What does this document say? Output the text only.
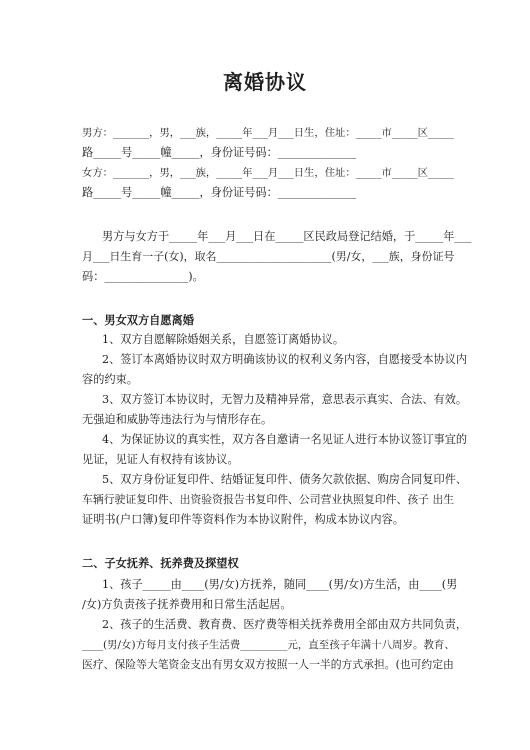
离婚协议
男方：_______，男，___族，_____年___月___日生，住址：_____市_____区_____
路_____号_____幢_____，身份证号码：______________
女方：_______，男，___族，_____年___月___日生，住址：_____市_____区_____
路_____号_____幢_____，身份证号码：______________
男方与女方于_____年___月___日在_____区民政局登记结婚，于_____年___
月___日生育一子(女)，取名_____________________(男/女，___族，身份证号
码：_______________)。
一、男女双方自愿离婚
1、双方自愿解除婚姻关系，自愿签订离婚协议。
2、签订本离婚协议时双方明确该协议的权利义务内容，自愿接受本协议内
容的约束。
3、双方签订本协议时，无智力及精神异常，意思表示真实、合法、有效。
无强迫和威胁等违法行为与情形存在。
4、为保证协议的真实性，双方各自邀请一名见证人进行本协议签订事宜的
见证，见证人有权持有该协议。
5、双方身份证复印件、结婚证复印件、债务欠款依据、购房合同复印件、
车辆行驶证复印件、出资验资报告书复印件、公司营业执照复印件、孩子 出生
证明书(户口簿)复印件等资料作为本协议附件，构成本协议内容。
二、子女抚养、抚养费及探望权
1、孩子_____由____(男/女)方抚养，随同____(男/女)方生活，由____(男
/女)方负责孩子抚养费用和日常生活起居。
2、孩子的生活费、教育费、医疗费等相关抚养费用全部由双方共同负责，
____(男/女)方每月支付孩子生活费_________元，直至孩子年满十八周岁。教育、
医疗、保险等大笔资金支出有男女双方按照一人一半的方式承担。(也可约定由
